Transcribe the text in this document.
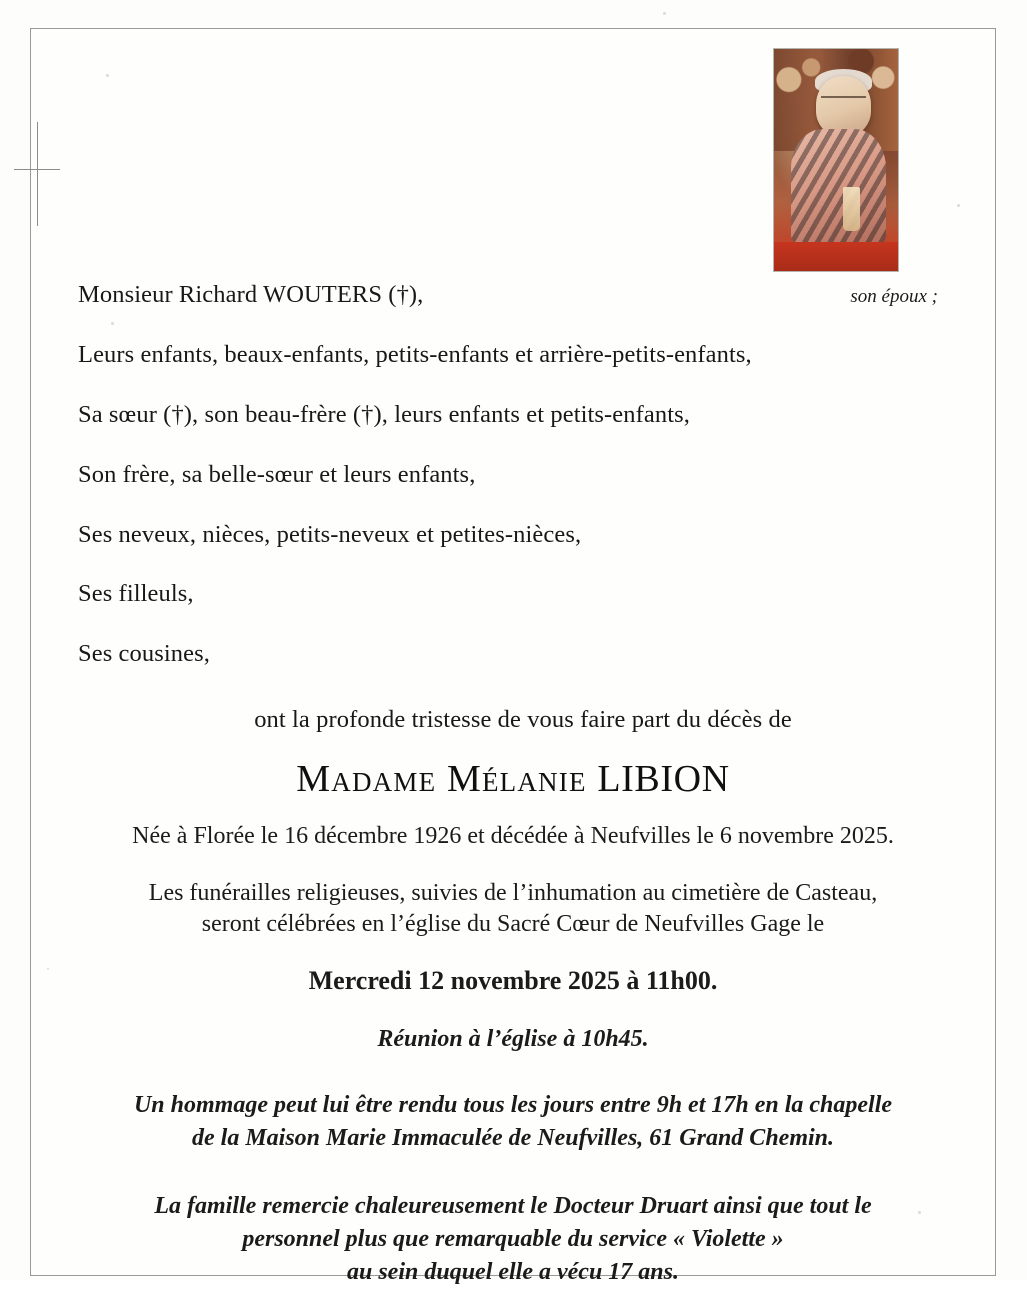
Monsieur Richard WOUTERS (†),	son époux ;
Leurs enfants, beaux-enfants, petits-enfants et arrière-petits-enfants,
Sa sœur (†), son beau-frère (†), leurs enfants et petits-enfants,
Son frère, sa belle-sœur et leurs enfants,
Ses neveux, nièces, petits-neveux et petites-nièces,
Ses filleuls,
Ses cousines,
ont la profonde tristesse de vous faire part du décès de
Madame Mélanie LIBION
Née à Florée le 16 décembre 1926 et décédée à Neufvilles le 6 novembre 2025.
Les funérailles religieuses, suivies de l’inhumation au cimetière de Casteau,
seront célébrées en l’église du Sacré Cœur de Neufvilles Gage le
Mercredi 12 novembre 2025 à 11h00.
Réunion à l’église à 10h45.
Un hommage peut lui être rendu tous les jours entre 9h et 17h en la chapelle
de la Maison Marie Immaculée de Neufvilles, 61 Grand Chemin.
La famille remercie chaleureusement le Docteur Druart ainsi que tout le
personnel plus que remarquable du service « Violette »
au sein duquel elle a vécu 17 ans.
